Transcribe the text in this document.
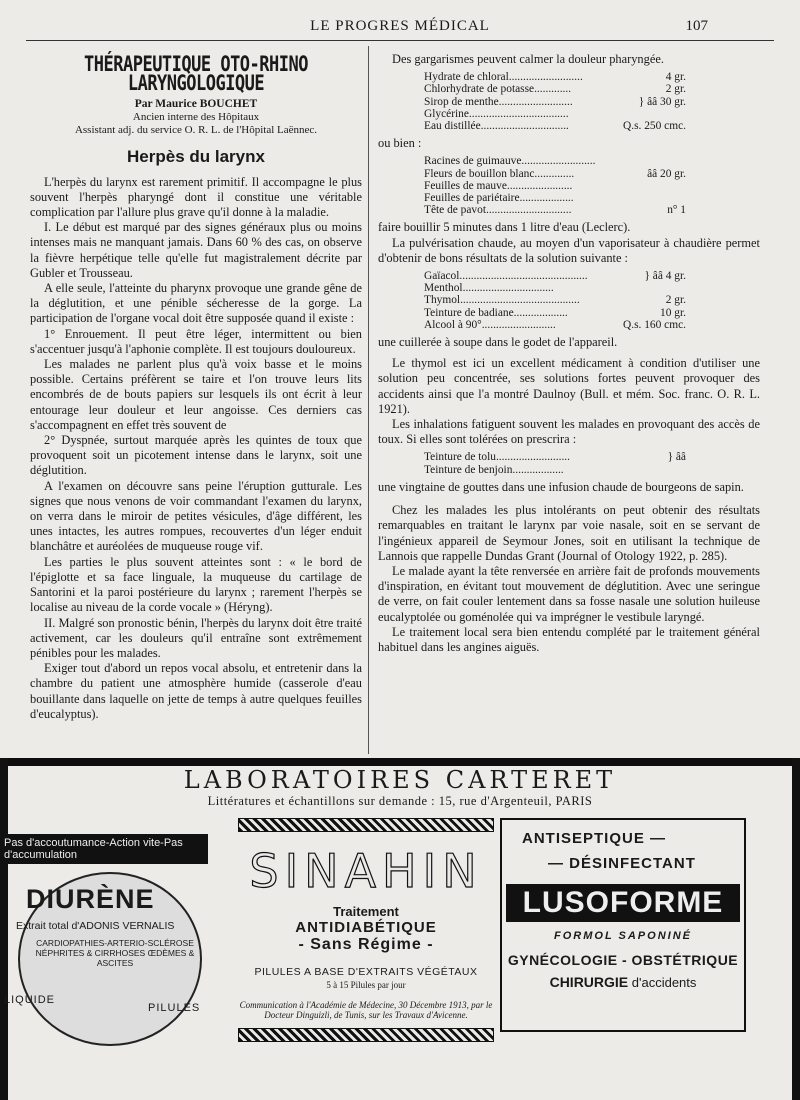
LE PROGRES MÉDICAL	107
THÉRAPEUTIQUE OTO-RHINO LARYNGOLOGIQUE
Par Maurice BOUCHET
Ancien interne des Hôpitaux
Assistant adj. du service O. R. L. de l'Hôpital Laënnec.
Herpès du larynx

L'herpès du larynx est rarement primitif. Il accompagne le plus souvent l'herpès pharyngé dont il constitue une véritable complication par l'allure plus grave qu'il donne à la maladie.

I. Le début est marqué par des signes généraux plus ou moins intenses mais ne manquant jamais. Dans 60 % des cas, on observe la fièvre herpétique telle qu'elle fut magistralement décrite par Gubler et Trousseau.

A elle seule, l'atteinte du pharynx provoque une grande gêne de la déglutition, et une pénible sécheresse de la gorge. La participation de l'organe vocal doit être supposée quand il existe :

1° Enrouement. Il peut être léger, intermittent ou bien s'accentuer jusqu'à l'aphonie complète. Il est toujours douloureux.

Les malades ne parlent plus qu'à voix basse et le moins possible. Certains préfèrent se taire et l'on trouve leurs lits encombrés de de bouts papiers sur lesquels ils ont écrit à leur entourage leur douleur et leur angoisse. Ces derniers cas s'accompagnent en effet très souvent de

2° Dyspnée, surtout marquée après les quintes de toux que provoquent soit un picotement intense dans le larynx, soit une déglutition.

A l'examen on découvre sans peine l'éruption gutturale. Les signes que nous venons de voir commandant l'examen du larynx, on verra dans le miroir de petites vésicules, d'âge différent, les unes intactes, les autres rompues, recouvertes d'un léger enduit blanchâtre et auréolées de muqueuse rouge vif.

Les parties le plus souvent atteintes sont : « le bord de l'épiglotte et sa face linguale, la muqueuse du cartilage de Santorini et la paroi postérieure du larynx ; rarement l'herpès se localise au niveau de la corde vocale » (Héryng).

II. Malgré son pronostic bénin, l'herpès du larynx doit être traité activement, car les douleurs qu'il entraîne sont extrêmement pénibles pour les malades.

Exiger tout d'abord un repos vocal absolu, et entretenir dans la chambre du patient une atmosphère humide (casserole d'eau bouillante dans laquelle on jette de temps à autre quelques feuilles d'eucalyptus).

Des gargarismes peuvent calmer la douleur pharyngée.

Hydrate de chloral..........................	4 gr.
Chlorhydrate de potasse.............	2 gr.
Sirop de menthe..........................	} ââ 30 gr.
Glycérine...................................
Eau distillée...............................	Q.s. 250 cmc.

ou bien :

Racines de guimauve..........................
Fleurs de bouillon blanc..............	ââ 20 gr.
Feuilles de mauve.......................
Feuilles de pariétaire...................
Tête de pavot..............................	n° 1

faire bouillir 5 minutes dans 1 litre d'eau (Leclerc).

La pulvérisation chaude, au moyen d'un vaporisateur à chaudière permet d'obtenir de bons résultats de la solution suivante :

Gaïacol.............................................	} ââ 4 gr.
Menthol................................
Thymol..........................................	2 gr.
Teinture de badiane...................	10 gr.
Alcool à 90°..........................	Q.s. 160 cmc.

une cuillerée à soupe dans le godet de l'appareil.

Le thymol est ici un excellent médicament à condition d'utiliser une solution peu concentrée, ses solutions fortes peuvent provoquer des accidents ainsi que l'a montré Daulnoy (Bull. et mém. Soc. franc. O. R. L. 1921).

Les inhalations fatiguent souvent les malades en provoquant des accès de toux. Si elles sont tolérées on prescrira :

Teinture de tolu..........................	} ââ
Teinture de benjoin..................

une vingtaine de gouttes dans une infusion chaude de bourgeons de sapin.

Chez les malades les plus intolérants on peut obtenir des résultats remarquables en traitant le larynx par voie nasale, soit en se servant de l'ingénieux appareil de Seymour Jones, soit en utilisant la technique de Lannois que rappelle Dundas Grant (Journal of Otology 1922, p. 285).

Le malade ayant la tête renversée en arrière fait de profonds mouvements d'inspiration, en évitant tout mouvement de déglutition. Avec une seringue de verre, on fait couler lentement dans sa fosse nasale une solution huileuse eucalyptolée ou goménolée qui va imprégner le vestibule laryngé.

Le traitement local sera bien entendu complété par le traitement général habituel dans les angines aiguës.

LABORATOIRES CARTERET
Littératures et échantillons sur demande : 15, rue d'Argenteuil, PARIS
Pas d'accoutumance-Action vite-Pas d'accumulation
DIURÈNE
Extrait total d'ADONIS VERNALIS
CARDIOPATHIES-ARTERIO-SCLÉROSE NÉPHRITES & CIRRHOSES ŒDÈMES & ASCITES
LIQUIDE
PILULES
SINAHIN
Traitement
ANTIDIABÉTIQUE
- Sans Régime -
PILULES A BASE D'EXTRAITS VÉGÉTAUX
5 à 15 Pilules par jour
Communication à l'Académie de Médecine, 30 Décembre 1913, par le Docteur Dinguizli, de Tunis, sur les Travaux d'Avicenne.
ANTISEPTIQUE —
— DÉSINFECTANT
LUSOFORME
FORMOL SAPONINÉ
GYNÉCOLOGIE - OBSTÉTRIQUE
CHIRURGIE d'accidents
